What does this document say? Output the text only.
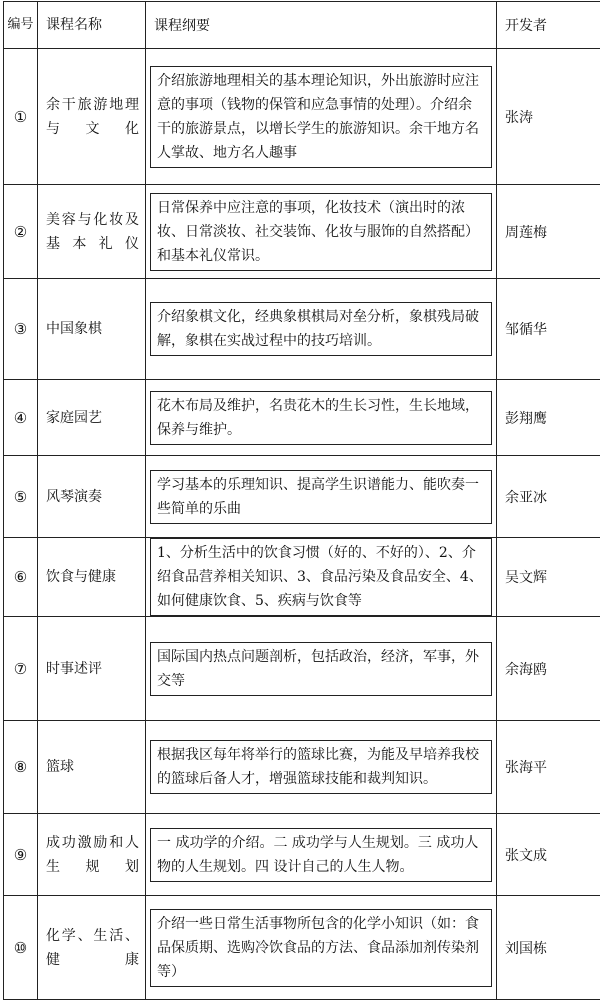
编号	课程名称	课程纲要	开发者

①	余干旅游地理与文化	介绍旅游地理相关的基本理论知识，外出旅游时应注意的事项（钱物的保管和应急事情的处理）。介绍余干的旅游景点，以增长学生的旅游知识。余干地方名人掌故、地方名人趣事	张涛

②	美容与化妆及基本礼仪	日常保养中应注意的事项，化妆技术（演出时的浓妆、日常淡妆、社交装饰、化妆与服饰的自然搭配）和基本礼仪常识。	周莲梅

③	中国象棋	介绍象棋文化，经典象棋棋局对垒分析，象棋残局破解，象棋在实战过程中的技巧培训。	邹循华

④	家庭园艺	花木布局及维护，名贵花木的生长习性，生长地域，保养与维护。	彭翔鹰

⑤	风琴演奏	学习基本的乐理知识、提高学生识谱能力、能吹奏一些简单的乐曲	余亚冰

⑥	饮食与健康	1、分析生活中的饮食习惯（好的、不好的）、2、介绍食品营养相关知识、3、食品污染及食品安全、4、如何健康饮食、5、疾病与饮食等	吴文辉

⑦	时事述评	国际国内热点问题剖析，包括政治，经济，军事，外交等	余海鸥

⑧	篮球	根据我区每年将举行的篮球比赛，为能及早培养我校的篮球后备人才，增强篮球技能和裁判知识。	张海平

⑨	成功激励和人生规划	一 成功学的介绍。二 成功学与人生规划。三 成功人物的人生规划。四 设计自己的人生人物。	张文成

⑩	化学、生活、健康	介绍一些日常生活事物所包含的化学小知识（如：食品保质期、选购冷饮食品的方法、食品添加剂传染剂等）	刘国栋
